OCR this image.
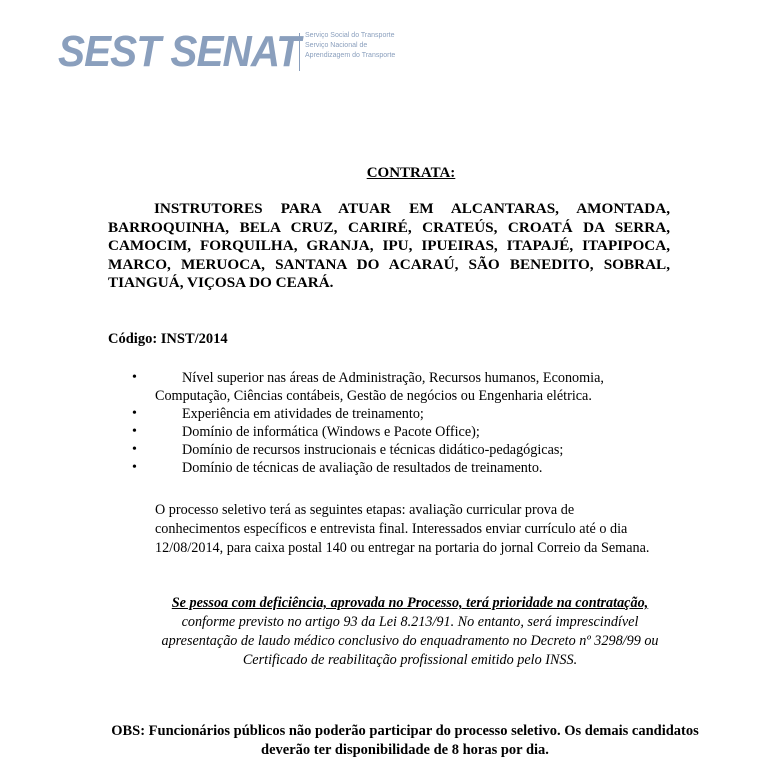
SEST SENAT Serviço Social do Transporte
Serviço Nacional de
Aprendizagem do Transporte
CONTRATA:
INSTRUTORES PARA ATUAR EM ALCANTARAS, AMONTADA, BARROQUINHA, BELA CRUZ, CARIRÉ, CRATEÚS, CROATÁ DA SERRA, CAMOCIM, FORQUILHA, GRANJA, IPU, IPUEIRAS, ITAPAJÉ, ITAPIPOCA, MARCO, MERUOCA, SANTANA DO ACARAÚ, SÃO BENEDITO, SOBRAL, TIANGUÁ, VIÇOSA DO CEARÁ.
Código: INST/2014
•	Nível superior nas áreas de Administração, Recursos humanos, Economia,
Computação, Ciências contábeis, Gestão de negócios ou Engenharia elétrica.
•	Experiência em atividades de treinamento;
•	Domínio de informática (Windows e Pacote Office);
•	Domínio de recursos instrucionais e técnicas didático-pedagógicas;
•	Domínio de técnicas de avaliação de resultados de treinamento.
O processo seletivo terá as seguintes etapas: avaliação curricular prova de conhecimentos específicos e entrevista final. Interessados enviar currículo até o dia 12/08/2014, para caixa postal 140 ou entregar na portaria do jornal Correio da Semana.
Se pessoa com deficiência, aprovada no Processo, terá prioridade na contratação, conforme previsto no artigo 93 da Lei 8.213/91. No entanto, será imprescindível apresentação de laudo médico conclusivo do enquadramento no Decreto nº 3298/99 ou Certificado de reabilitação profissional emitido pelo INSS.
OBS: Funcionários públicos não poderão participar do processo seletivo. Os demais candidatos deverão ter disponibilidade de 8 horas por dia.
